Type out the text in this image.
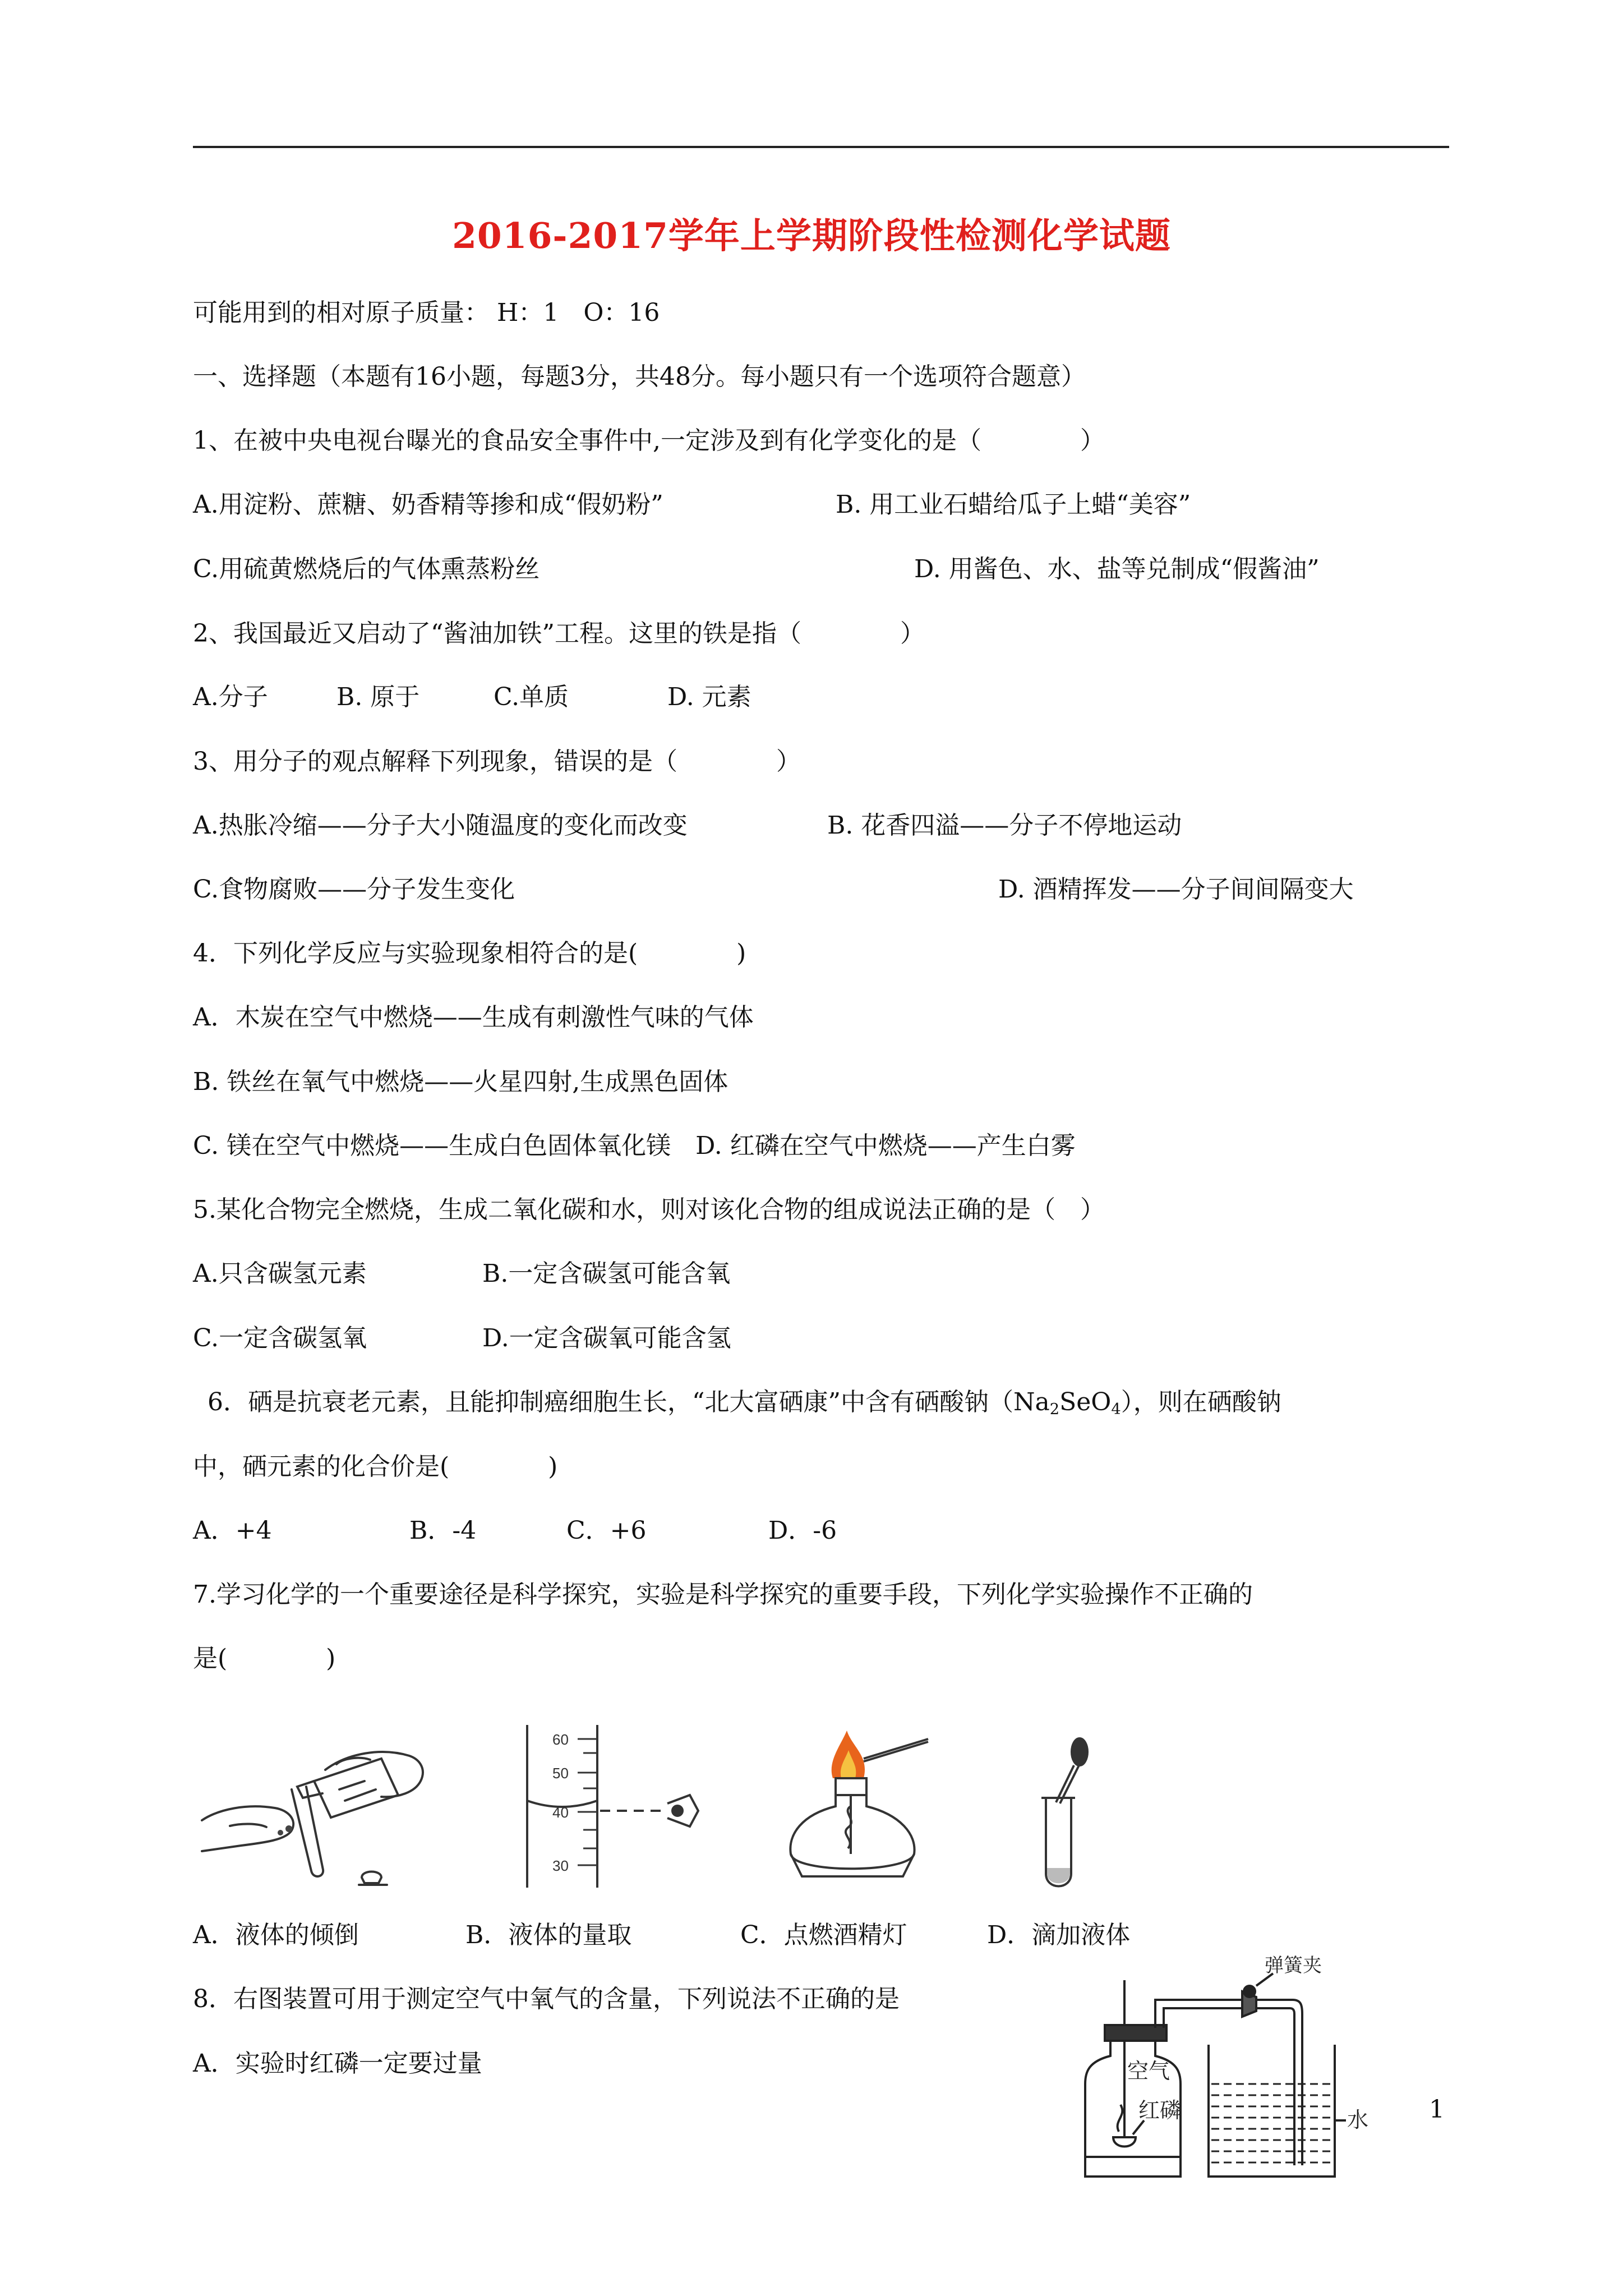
2016-2017学年上学期阶段性检测化学试题
可能用到的相对原子质量： H：1　O：16
一、选择题（本题有16小题，每题3分，共48分。每小题只有一个选项符合题意）
1、在被中央电视台曝光的食品安全事件中,一定涉及到有化学变化的是（　　　　）
A.用淀粉、蔗糖、奶香精等掺和成“假奶粉”	B. 用工业石蜡给瓜子上蜡“美容”
C.用硫黄燃烧后的气体熏蒸粉丝	D. 用酱色、水、盐等兑制成“假酱油”
2、我国最近又启动了“酱油加铁”工程。这里的铁是指（　　　　）
A.分子	B. 原于	C.单质	D. 元素
3、用分子的观点解释下列现象，错误的是（　　　　）
A.热胀冷缩——分子大小随温度的变化而改变	B. 花香四溢——分子不停地运动
C.食物腐败——分子发生变化	D. 酒精挥发——分子间间隔变大
4．下列化学反应与实验现象相符合的是(　　　　)
A．木炭在空气中燃烧——生成有刺激性气味的气体
B. 铁丝在氧气中燃烧——火星四射,生成黑色固体
C. 镁在空气中燃烧——生成白色固体氧化镁　D. 红磷在空气中燃烧——产生白雾
5.某化合物完全燃烧，生成二氧化碳和水，则对该化合物的组成说法正确的是（　）
A.只含碳氢元素	B.一定含碳氢可能含氧
C.一定含碳氢氧	D.一定含碳氧可能含氢
6．硒是抗衰老元素，且能抑制癌细胞生长，“北大富硒康”中含有硒酸钠$(Na_2SeO_4)$，则在硒酸钠
中，硒元素的化合价是(　　　　)
A．+4	B．-4	C．+6	D．-6
7.学习化学的一个重要途径是科学探究，实验是科学探究的重要手段，下列化学实验操作不正确的
是(　　　　)
60
50
40
30
A．液体的倾倒	B．液体的量取	C．点燃酒精灯	D．滴加液体
8．右图装置可用于测定空气中氧气的含量，下列说法不正确的是
A．实验时红磷一定要过量
弹簧夹
空气
红磷	水 1
